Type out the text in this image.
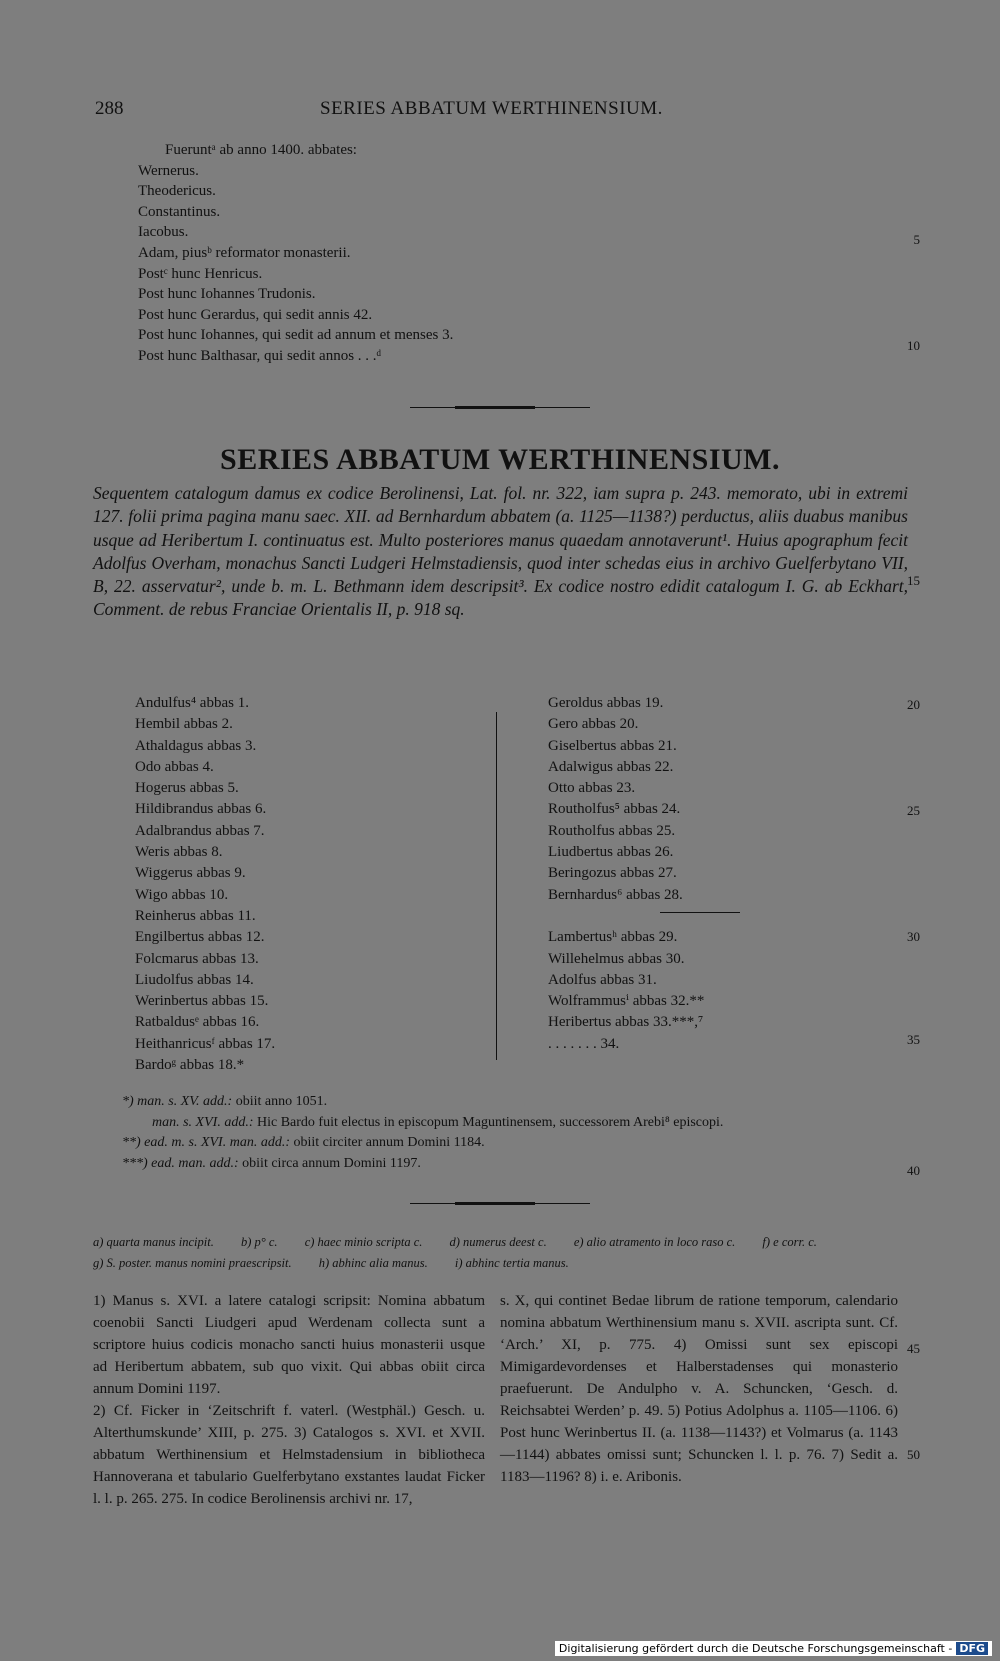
288	SERIES ABBATUM WERTHINENSIUM.
Fueruntᵃ ab anno 1400. abbates:
Wernerus.
Theodericus.
Constantinus.
Iacobus.
Adam, piusᵇ reformator monasterii.
Postᶜ hunc Henricus.
Post hunc Iohannes Trudonis.
Post hunc Gerardus, qui sedit annis 42.
Post hunc Iohannes, qui sedit ad annum et menses 3.
Post hunc Balthasar, qui sedit annos . . .ᵈ
5
10
SERIES ABBATUM WERTHINENSIUM.

Sequentem catalogum damus ex codice Berolinensi, Lat. fol. nr. 322, iam supra p. 243. memorato, ubi in extremi 127. folii prima pagina manu saec. XII. ad Bernhardum abbatem (a. 1125—1138?) perductus, aliis duabus manibus usque ad Heribertum I. continuatus est. Multo posteriores manus quaedam annotaverunt¹. Huius apographum fecit Adolfus Overham, monachus Sancti Ludgeri Helmstadiensis, quod inter schedas eius in archivo Guelferbytano VII, B, 22. asservatur², unde b. m. L. Bethmann idem descripsit³. Ex codice nostro edidit catalogum I. G. ab Eckhart, Comment. de rebus Franciae Orientalis II, p. 918 sq.

15
Andulfus⁴ abbas 1.
Hembil abbas 2.
Athaldagus abbas 3.
Odo abbas 4.
Hogerus abbas 5.
Hildibrandus abbas 6.
Adalbrandus abbas 7.
Weris abbas 8.
Wiggerus abbas 9.
Wigo abbas 10.
Reinherus abbas 11.
Engilbertus abbas 12.
Folcmarus abbas 13.
Liudolfus abbas 14.
Werinbertus abbas 15.
Ratbaldusᵉ abbas 16.
Heithanricusᶠ abbas 17.
Bardoᵍ abbas 18.*
Geroldus abbas 19.
Gero abbas 20.
Giselbertus abbas 21.
Adalwigus abbas 22.
Otto abbas 23.
Routholfus⁵ abbas 24.
Routholfus abbas 25.
Liudbertus abbas 26.
Beringozus abbas 27.
Bernhardus⁶ abbas 28.
Lambertusʰ abbas 29.
Willehelmus abbas 30.
Adolfus abbas 31.
Wolframmusⁱ abbas 32.**
Heribertus abbas 33.***,⁷
. . . . . . . 34.
20
25
30
35
*) man. s. XV. add.: obiit anno 1051.
man. s. XVI. add.: Hic Bardo fuit electus in episcopum Maguntinensem, successorem Arebi⁸ episcopi.
**) ead. m. s. XVI. man. add.: obiit circiter annum Domini 1184.
***) ead. man. add.: obiit circa annum Domini 1197.	40
a) quarta manus incipit. b) p° c. c) haec minio scripta c. d) numerus deest c. e) alio atramento in loco raso c. f) e corr. c. g) S. poster. manus nomini praescripsit. h) abhinc alia manus. i) abhinc tertia manus.
1) Manus s. XVI. a latere catalogi scripsit: Nomina abbatum coenobii Sancti Liudgeri apud Werdenam collecta sunt a scriptore huius codicis monacho sancti huius monasterii usque ad Heribertum abbatem, sub quo vixit. Qui abbas obiit circa annum Domini 1197.
2) Cf. Ficker in ‘Zeitschrift f. vaterl. (Westphäl.) Gesch. u. Alterthumskunde’ XIII, p. 275. 3) Catalogos s. XVI. et XVII. abbatum Werthinensium et Helmstadensium in bibliotheca Hannoverana et tabulario Guelferbytano exstantes laudat Ficker l. l. p. 265. 275. In codice Berolinensis archivi nr. 17,
s. X, qui continet Bedae librum de ratione temporum, calendario nomina abbatum Werthinensium manu s. XVII. ascripta sunt. Cf. ‘Arch.’ XI, p. 775. 4) Omissi sunt sex episcopi Mimigardevordenses et Halberstadenses qui monasterio praefuerunt. De Andulpho v. A. Schuncken, ‘Gesch. d. Reichsabtei Werden’ p. 49. 5) Potius Adolphus a. 1105—1106. 6) Post hunc Werinbertus II. (a. 1138—1143?) et Volmarus (a. 1143—1144) abbates omissi sunt; Schuncken l. l. p. 76. 7) Sedit a. 1183—1196? 8) i. e. Aribonis.
45
50
Digitalisierung gefördert durch die Deutsche Forschungsgemeinschaft - DFG
